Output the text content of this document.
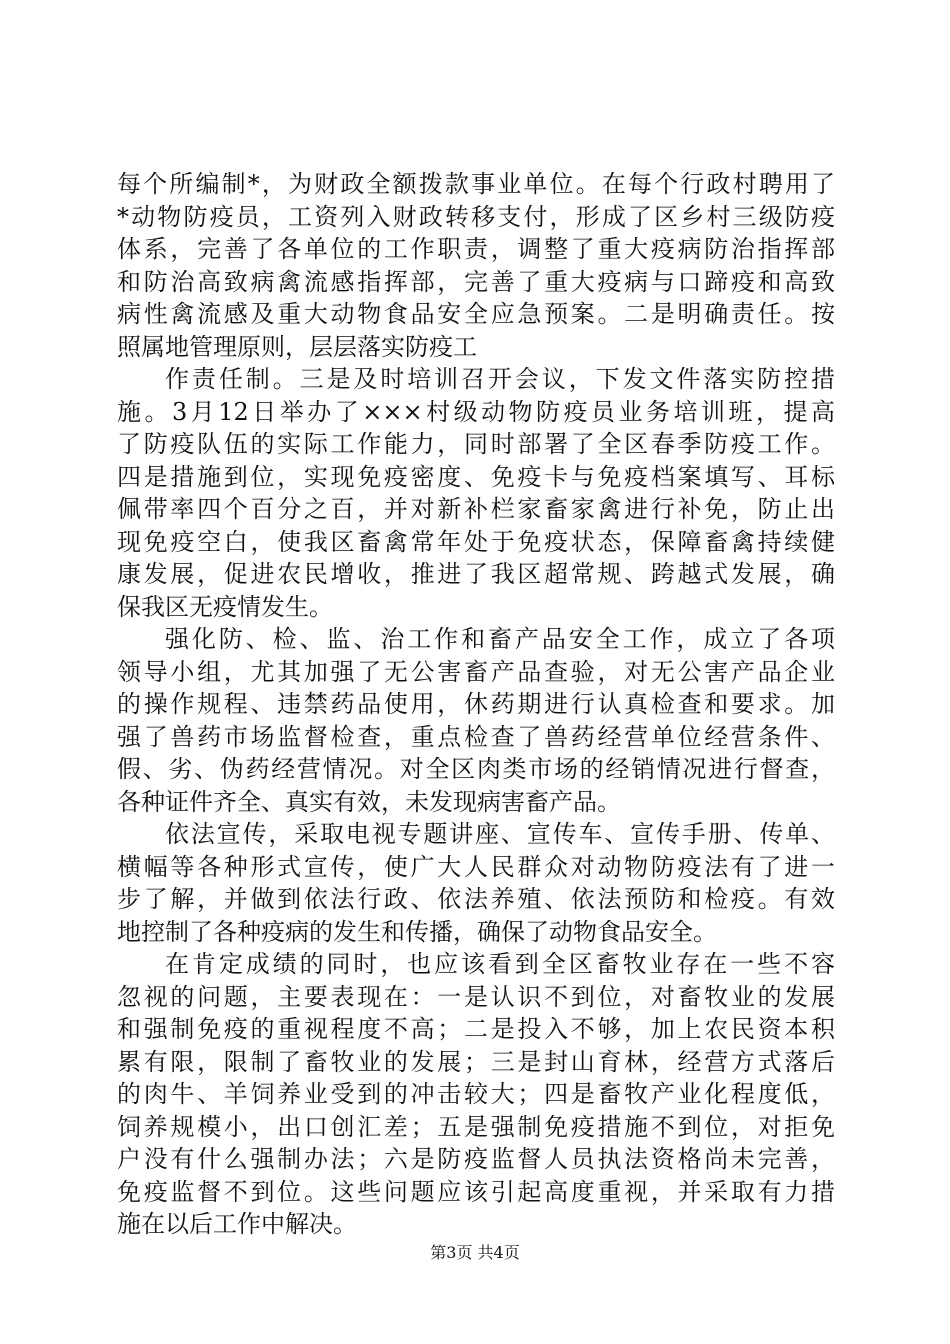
每个所编制*，为财政全额拨款事业单位。在每个行政村聘用了
*动物防疫员，工资列入财政转移支付，形成了区乡村三级防疫
体系，完善了各单位的工作职责，调整了重大疫病防治指挥部
和防治高致病禽流感指挥部，完善了重大疫病与口蹄疫和高致
病性禽流感及重大动物食品安全应急预案。二是明确责任。按
照属地管理原则，层层落实防疫工
作责任制。三是及时培训召开会议，下发文件落实防控措
施。3月12日举办了×××村级动物防疫员业务培训班，提高
了防疫队伍的实际工作能力，同时部署了全区春季防疫工作。
四是措施到位，实现免疫密度、免疫卡与免疫档案填写、耳标
佩带率四个百分之百，并对新补栏家畜家禽进行补免，防止出
现免疫空白，使我区畜禽常年处于免疫状态，保障畜禽持续健
康发展，促进农民增收，推进了我区超常规、跨越式发展，确
保我区无疫情发生。
强化防、检、监、治工作和畜产品安全工作，成立了各项
领导小组，尤其加强了无公害畜产品查验，对无公害产品企业
的操作规程、违禁药品使用，休药期进行认真检查和要求。加
强了兽药市场监督检查，重点检查了兽药经营单位经营条件、
假、劣、伪药经营情况。对全区肉类市场的经销情况进行督查，
各种证件齐全、真实有效，未发现病害畜产品。
依法宣传，采取电视专题讲座、宣传车、宣传手册、传单、
横幅等各种形式宣传，使广大人民群众对动物防疫法有了进一
步了解，并做到依法行政、依法养殖、依法预防和检疫。有效
地控制了各种疫病的发生和传播，确保了动物食品安全。
在肯定成绩的同时，也应该看到全区畜牧业存在一些不容
忽视的问题，主要表现在：一是认识不到位，对畜牧业的发展
和强制免疫的重视程度不高；二是投入不够，加上农民资本积
累有限，限制了畜牧业的发展；三是封山育林，经营方式落后
的肉牛、羊饲养业受到的冲击较大；四是畜牧产业化程度低，
饲养规模小，出口创汇差；五是强制免疫措施不到位，对拒免
户没有什么强制办法；六是防疫监督人员执法资格尚未完善，
免疫监督不到位。这些问题应该引起高度重视，并采取有力措
施在以后工作中解决。
第3页 共4页
